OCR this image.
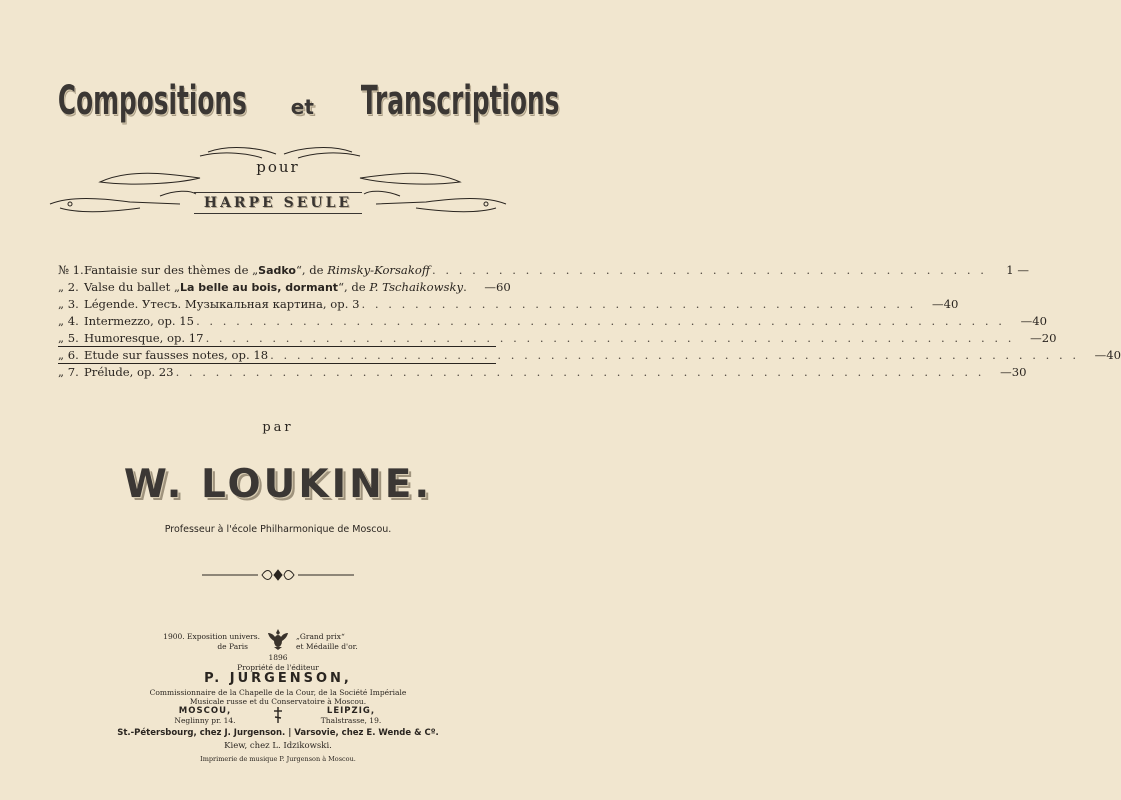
Compositions et Transcriptions
pour
HARPE SEULE
№ 1. Fantaisie sur des thèmes de „Sadko“, de Rimsky-Korsakoff . . . . . . . . . . . . . . . . . . . . . . . . . . . . . . . . . . . . . . . . . .	1 —
„ 2. Valse du ballet „La belle au bois, dormant“, de P. Tschaikowsky.	—60
„ 3. Légende. Утесъ. Музыкальная картина, op. 3 . . . . . . . . . . . . . . . . . . . . . . . . . . . . . . . . . . . . . . . . . .	—40
„ 4. Intermezzo, op. 15 . . . . . . . . . . . . . . . . . . . . . . . . . . . . . . . . . . . . . . . . . . . . . . . . . . . . . . . . . . . . .	—40
„ 5. Humoresque, op. 17 . . . . . . . . . . . . . . . . . . . . . . . . . . . . . . . . . . . . . . . . . . . . . . . . . . . . . . . . . . . . .	—20
„ 6. Etude sur fausses notes, op. 18 . . . . . . . . . . . . . . . . . . . . . . . . . . . . . . . . . . . . . . . . . . . . . . . . . . . . . . . . . . . . .	—40
„ 7. Prélude, op. 23 . . . . . . . . . . . . . . . . . . . . . . . . . . . . . . . . . . . . . . . . . . . . . . . . . . . . . . . . . . . . .	—30
par
W. LOUKINE.
Professeur à l'école Philharmonique de Moscou.
1900. Exposition univers.
de Paris
„Grand prix“
et Médaille d'or.
1896
Propriété de l'éditeur
P. JURGENSON,
Commissionnaire de la Chapelle de la Cour, de la Société Impériale
Musicale russe et du Conservatoire à Moscou.
MOSCOU,
Neglinny pr. 14.
LEIPZIG,
Thalstrasse, 19.
St.-Pétersbourg, chez J. Jurgenson. | Varsovie, chez E. Wende & Cº.
Kiew, chez L. Idzikowski.
Imprimerie de musique P. Jurgenson à Moscou.
